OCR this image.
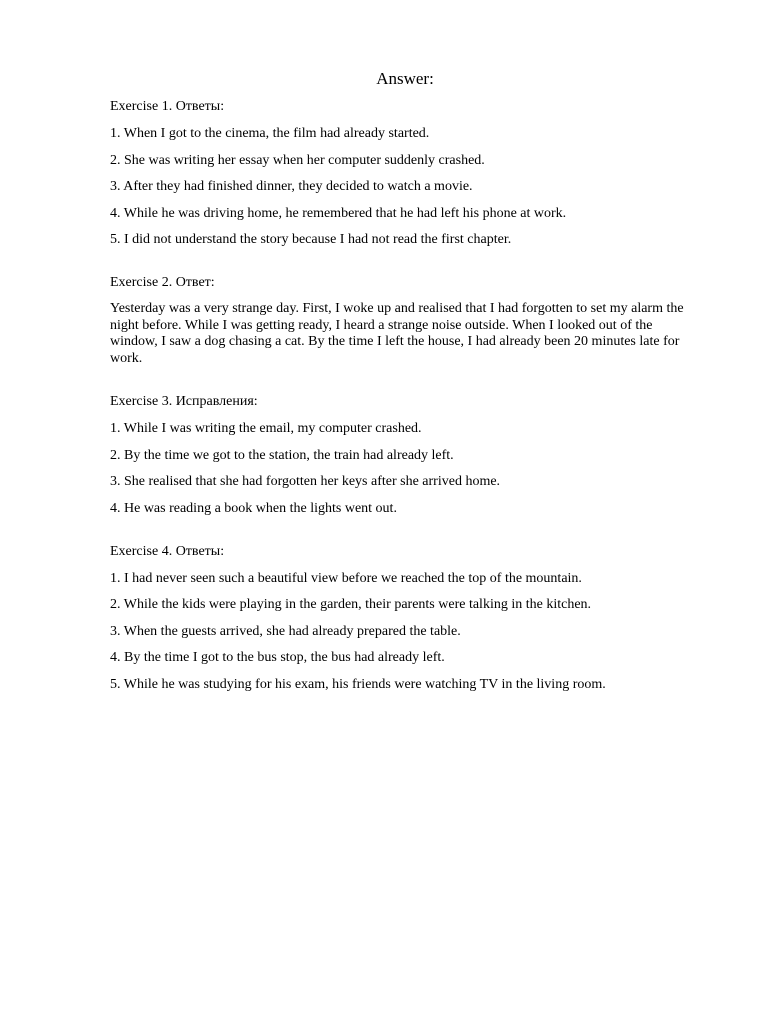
Answer:
Exercise 1. Ответы:
1. When I got to the cinema, the film had already started.
2. She was writing her essay when her computer suddenly crashed.
3. After they had finished dinner, they decided to watch a movie.
4. While he was driving home, he remembered that he had left his phone at work.
5. I did not understand the story because I had not read the first chapter.
Exercise 2. Ответ:
Yesterday was a very strange day. First, I woke up and realised that I had forgotten to set my alarm the night before. While I was getting ready, I heard a strange noise outside. When I looked out of the window, I saw a dog chasing a cat. By the time I left the house, I had already been 20 minutes late for work.
Exercise 3. Исправления:
1. While I was writing the email, my computer crashed.
2. By the time we got to the station, the train had already left.
3. She realised that she had forgotten her keys after she arrived home.
4. He was reading a book when the lights went out.
Exercise 4. Ответы:
1. I had never seen such a beautiful view before we reached the top of the mountain.
2. While the kids were playing in the garden, their parents were talking in the kitchen.
3. When the guests arrived, she had already prepared the table.
4. By the time I got to the bus stop, the bus had already left.
5. While he was studying for his exam, his friends were watching TV in the living room.
